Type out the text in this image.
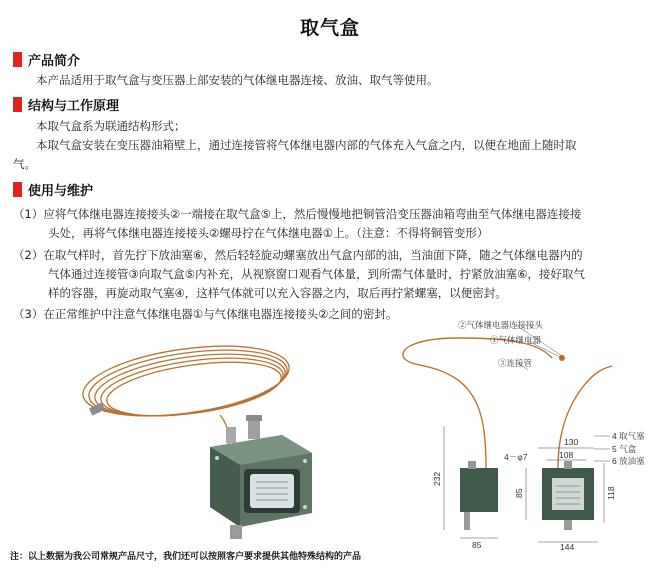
取气盒
产品简介
本产品适用于取气盒与变压器上部安装的气体继电器连接、放油、取气等使用。
结构与工作原理
本取气盒系为联通结构形式；
本取气盒安装在变压器油箱壁上，通过连接管将气体继电器内部的气体充入气盒之内，以便在地面上随时取
气。
使用与维护
（1）应将气体继电器连接接头②一端接在取气盒⑤上，然后慢慢地把铜管沿变压器油箱弯曲至气体继电器连接接
头处，再将气体继电器连接接头②螺母拧在气体继电器①上。（注意：不得将铜管变形）
（2）在取气样时，首先拧下放油塞⑥，然后轻轻旋动螺塞放出气盒内部的油，当油面下降，随之气体继电器内的
气体通过连接管③向取气盒⑤内补充，从视察窗口观看气体量，到所需气体量时，拧紧放油塞⑥，接好取气
样的容器，再旋动取气塞④，这样气体就可以充入容器之内，取后再拧紧螺塞，以便密封。
（3）在正常维护中注意气体继电器①与气体继电器连接接头②之间的密封。
②气体继电器连接接头
①气体继电器
③连接管
4 取气塞
5 气盒
6 放油塞
232
85
4－φ7
130
108
85	118
144
注：以上数据为我公司常规产品尺寸，我们还可以按照客户要求提供其他特殊结构的产品
